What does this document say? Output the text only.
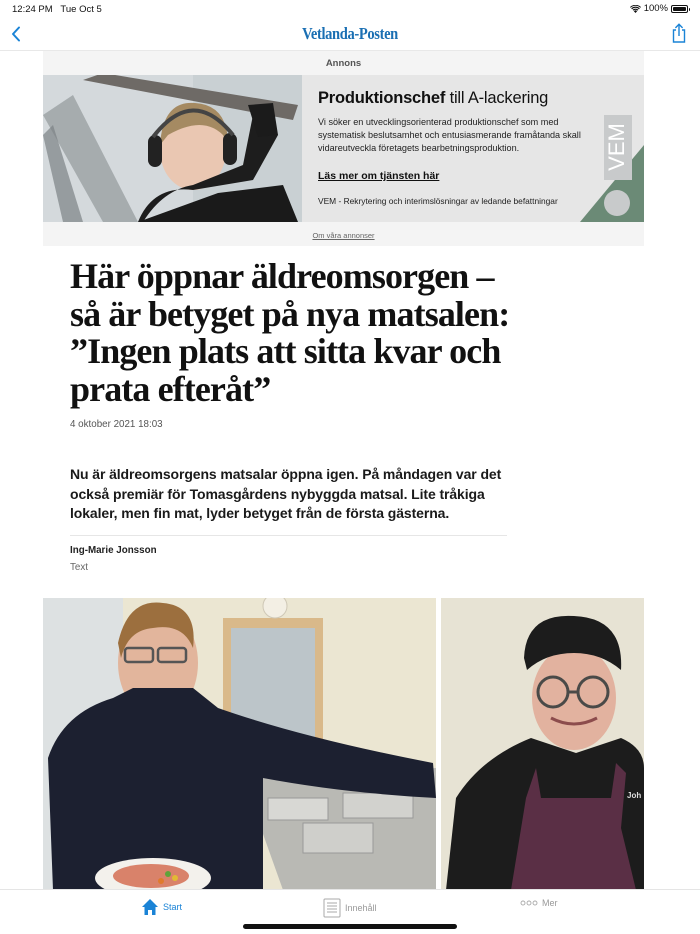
12:24 PM Tue Oct 5	100%
Vetlanda-Posten
Annons
Produktionschef till A-lackering
Vi söker en utvecklingsorienterad produktionschef som med systematisk beslutsamhet och entusiasmerande framåtanda skall vidareutveckla företagets bearbetningsproduktion.
Läs mer om tjänsten här
VEM - Rekrytering och interimslösningar av ledande befattningar
VEM
Om våra annonser
Här öppnar äldreomsorgen – så är betyget på nya matsalen: ”Ingen plats att sitta kvar och prata efteråt”
4 oktober 2021 18:03

Nu är äldreomsorgens matsalar öppna igen. På måndagen var det också premiär för Tomasgårdens nybyggda matsal. Lite tråkiga lokaler, men fin mat, lyder betyget från de första gästerna.

Ing-Marie Jonsson
Text
Joh
Start	Innehåll	Mer
